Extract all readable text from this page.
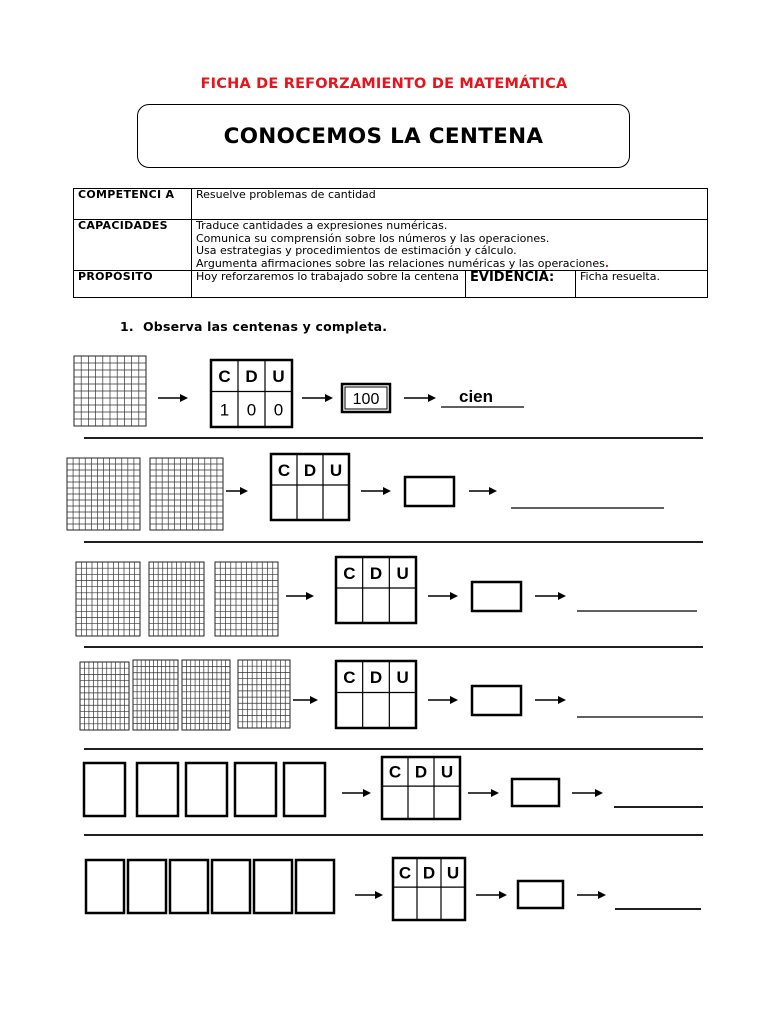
FICHA DE REFORZAMIENTO DE MATEMÁTICA
CONOCEMOS LA CENTENA
COMPETENCI A	Resuelve problemas de cantidad		
CAPACIDADES	Traduce cantidades a expresiones numéricas.
Comunica su comprensión sobre los números y las operaciones.
Usa estrategias y procedimientos de estimación y cálculo.
Argumenta afirmaciones sobre las relaciones numéricas y las operaciones.		

PROPÓSITO	Hoy reforzaremos lo trabajado sobre la centena	EVIDENCIA:	Ficha resuelta.
1. Observa las centenas y completa.
C D U
1 0 0
100	cien
C D U
C D U
C D U
C D U
C D U
